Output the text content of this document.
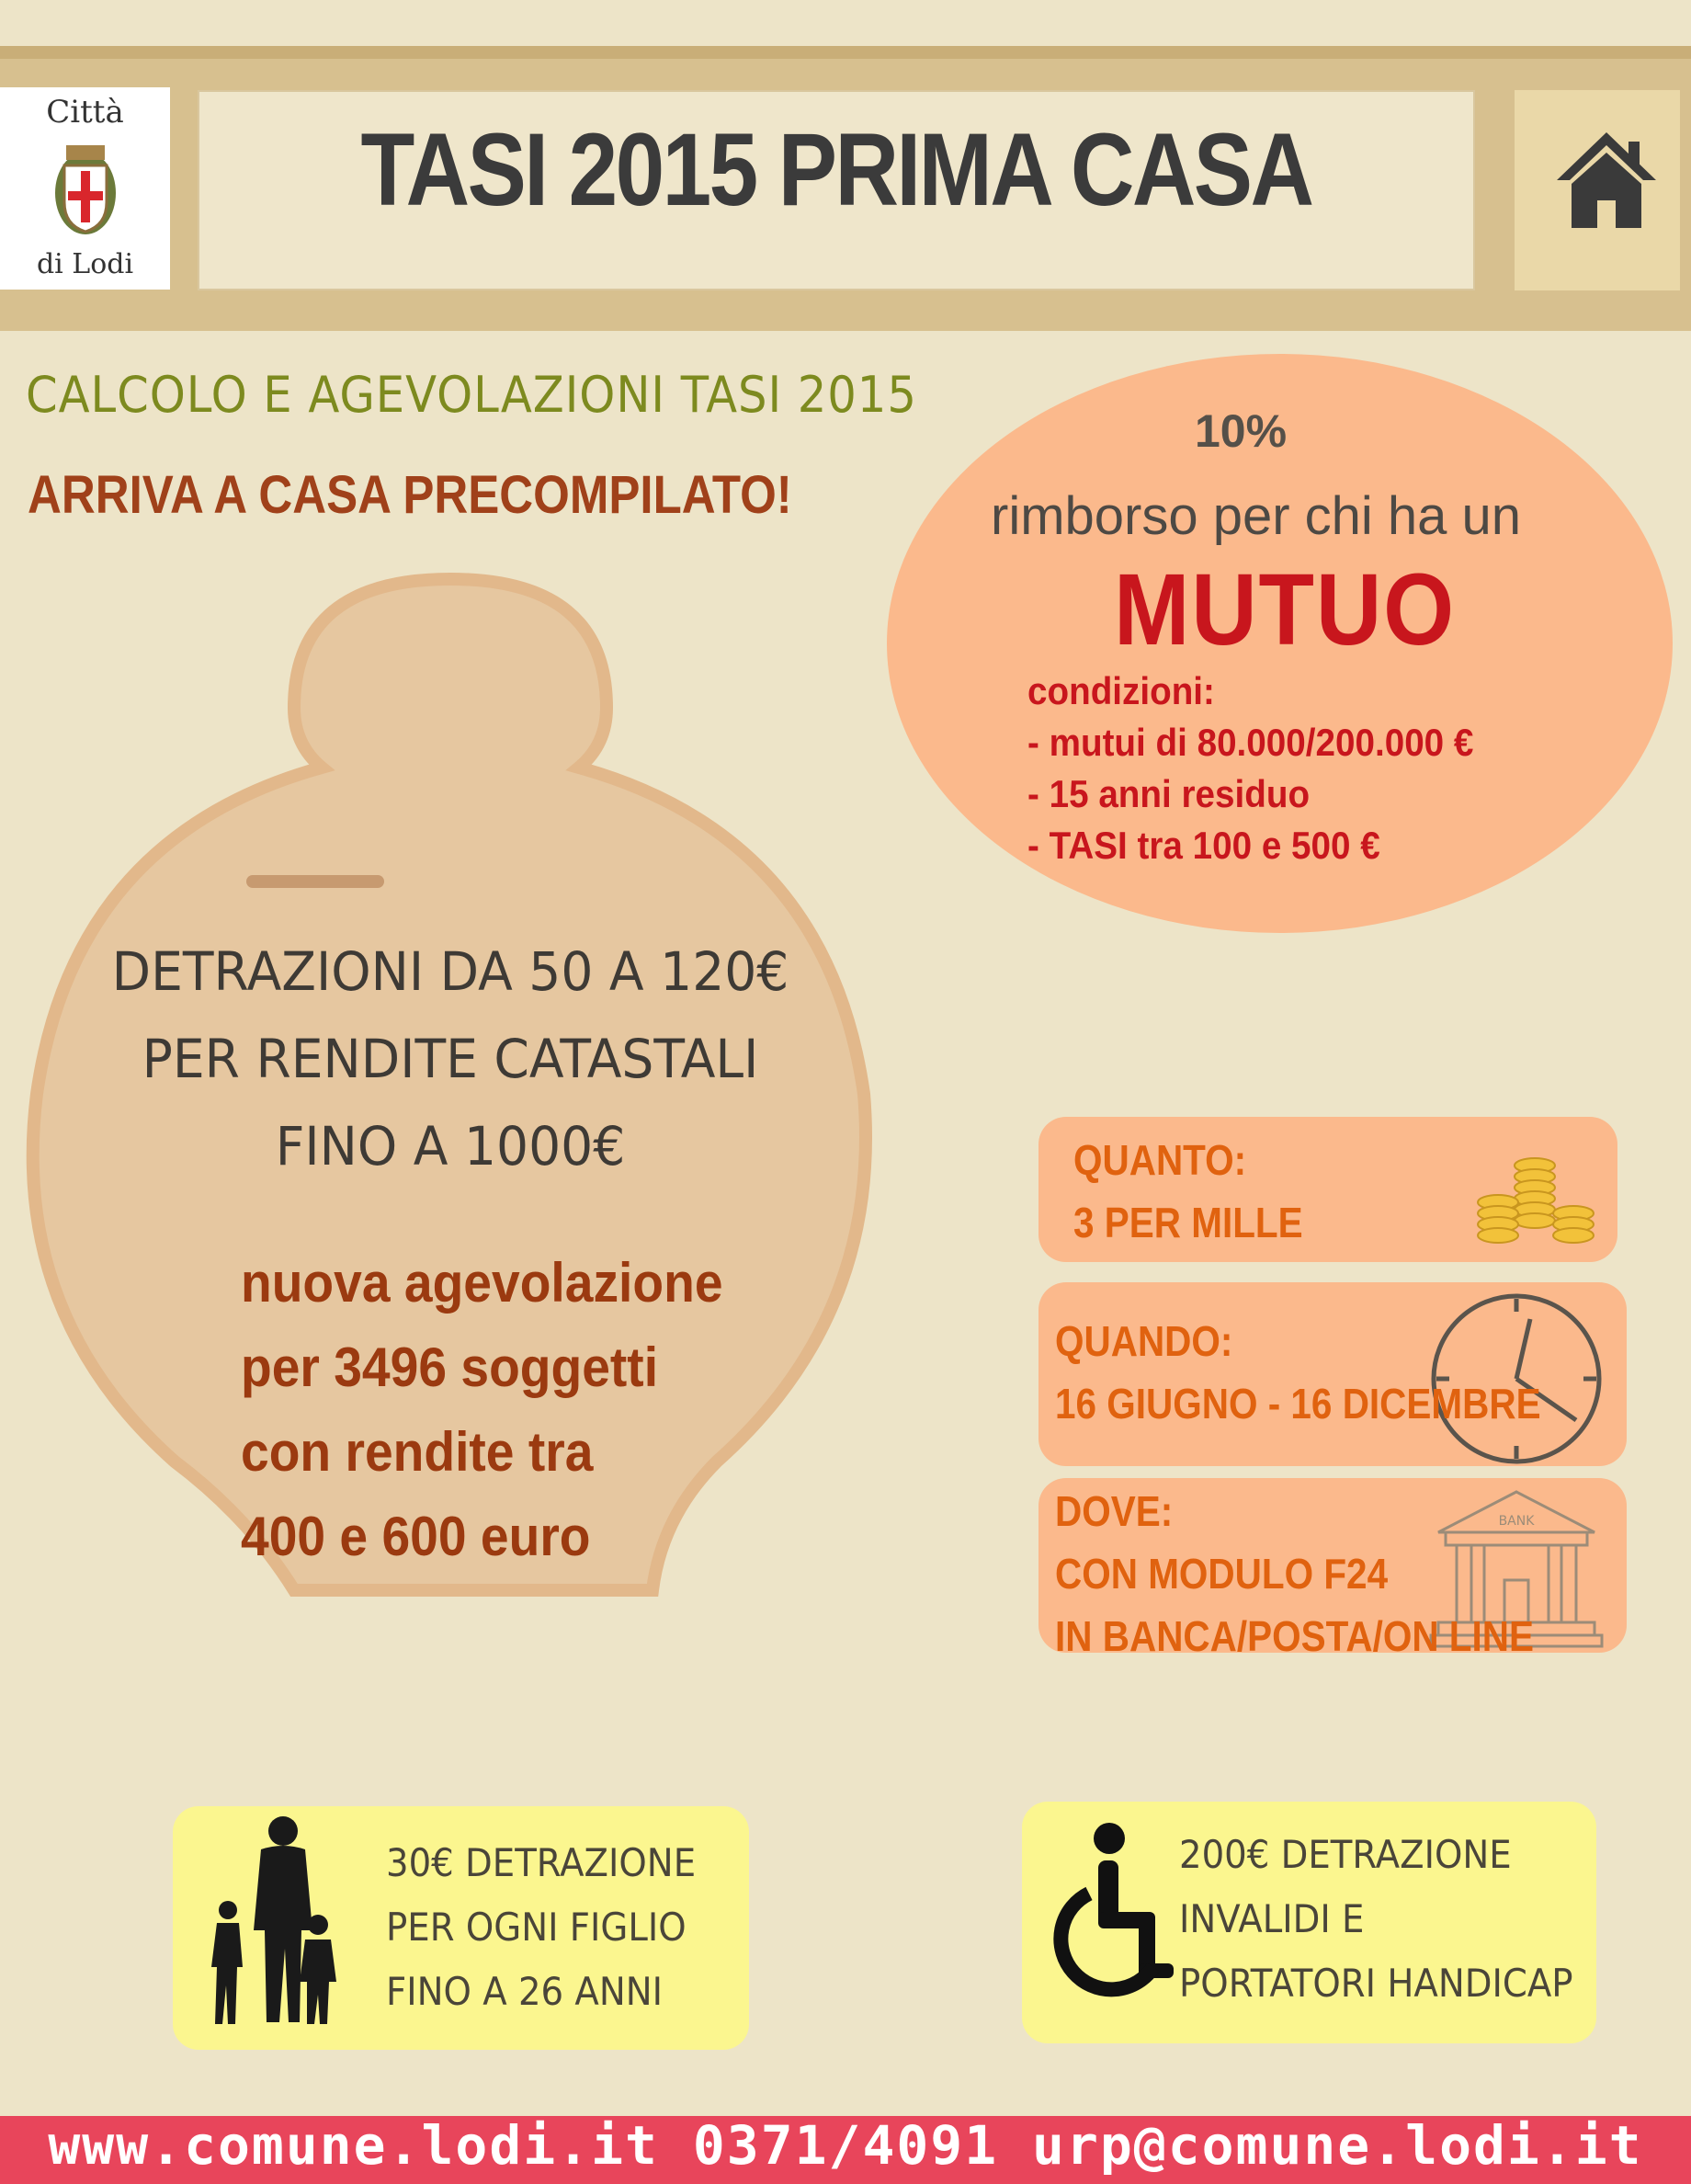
Città
di Lodi
TASI 2015 PRIMA CASA
CALCOLO E AGEVOLAZIONI TASI 2015
ARRIVA A CASA PRECOMPILATO!
DETRAZIONI DA 50 A 120€
PER RENDITE CATASTALI
FINO A 1000€
nuova agevolazione
per 3496 soggetti
con rendite tra
400 e 600 euro
10%
rimborso per chi ha un
MUTUO
condizioni:
- mutui di 80.000/200.000 €
- 15 anni residuo
- TASI tra 100 e 500 €
QUANTO:
3 PER MILLE
QUANDO:
16 GIUGNO - 16 DICEMBRE
BANK
DOVE:
CON MODULO F24
IN BANCA/POSTA/ON LINE
30€ DETRAZIONE
PER OGNI FIGLIO
FINO A 26 ANNI
200€ DETRAZIONE
INVALIDI E
PORTATORI HANDICAP
www.comune.lodi.it 0371/4091 urp@comune.lodi.it
